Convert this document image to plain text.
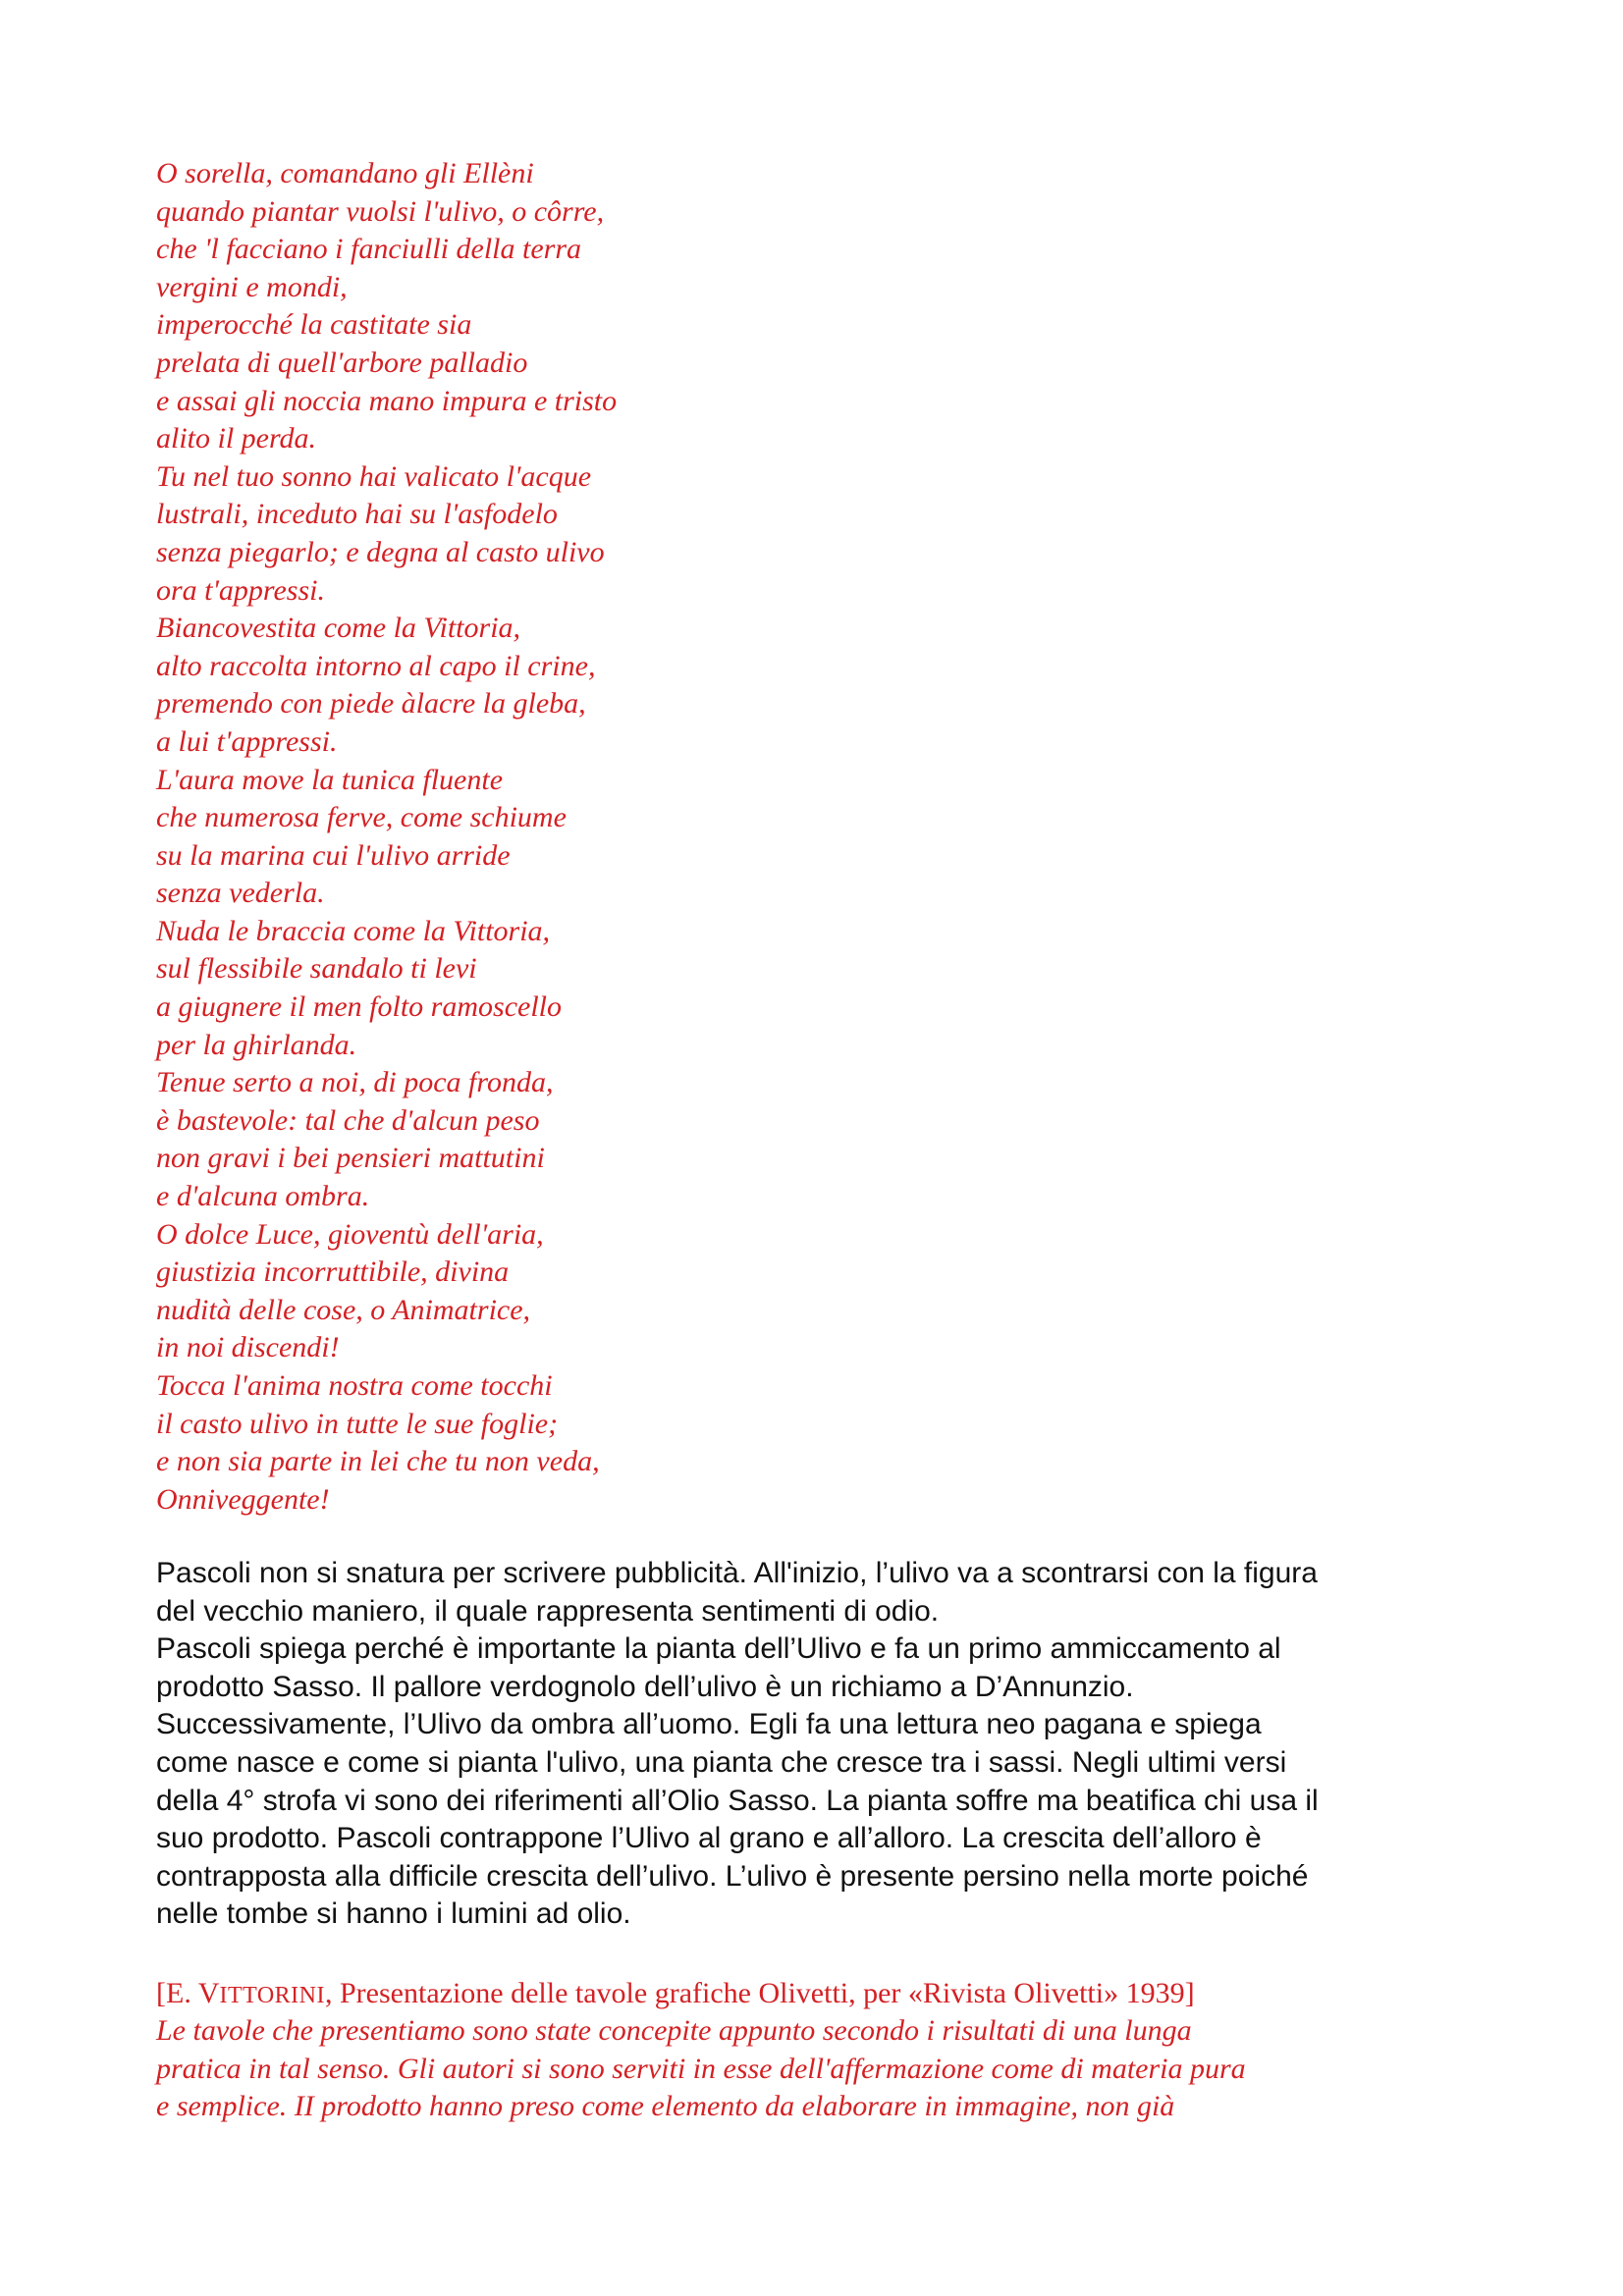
O sorella, comandano gli Ellèni
quando piantar vuolsi l'ulivo, o côrre,
che 'l facciano i fanciulli della terra
vergini e mondi,
imperocché la castitate sia
prelata di quell'arbore palladio
e assai gli noccia mano impura e tristo
alito il perda.
Tu nel tuo sonno hai valicato l'acque
lustrali, inceduto hai su l'asfodelo
senza piegarlo; e degna al casto ulivo
ora t'appressi.
Biancovestita come la Vittoria,
alto raccolta intorno al capo il crine,
premendo con piede àlacre la gleba,
a lui t'appressi.
L'aura move la tunica fluente
che numerosa ferve, come schiume
su la marina cui l'ulivo arride
senza vederla.
Nuda le braccia come la Vittoria,
sul flessibile sandalo ti levi
a giugnere il men folto ramoscello
per la ghirlanda.
Tenue serto a noi, di poca fronda,
è bastevole: tal che d'alcun peso
non gravi i bei pensieri mattutini
e d'alcuna ombra.
O dolce Luce, gioventù dell'aria,
giustizia incorruttibile, divina
nudità delle cose, o Animatrice,
in noi discendi!
Tocca l'anima nostra come tocchi
il casto ulivo in tutte le sue foglie;
e non sia parte in lei che tu non veda,
Onniveggente!
Pascoli non si snatura per scrivere pubblicità. All'inizio, l’ulivo va a scontrarsi con la figura
del vecchio maniero, il quale rappresenta sentimenti di odio.
Pascoli spiega perché è importante la pianta dell’Ulivo e fa un primo ammiccamento al
prodotto Sasso. Il pallore verdognolo dell’ulivo è un richiamo a D’Annunzio.
Successivamente, l’Ulivo da ombra all’uomo. Egli fa una lettura neo pagana e spiega
come nasce e come si pianta l'ulivo, una pianta che cresce tra i sassi. Negli ultimi versi
della 4° strofa vi sono dei riferimenti all’Olio Sasso. La pianta soffre ma beatifica chi usa il
suo prodotto. Pascoli contrappone l’Ulivo al grano e all’alloro. La crescita dell’alloro è
contrapposta alla difficile crescita dell’ulivo. L’ulivo è presente persino nella morte poiché
nelle tombe si hanno i lumini ad olio.

[E. VITTORINI, Presentazione delle tavole grafiche Olivetti, per «Rivista Olivetti» 1939]

Le tavole che presentiamo sono state concepite appunto secondo i risultati di una lunga
pratica in tal senso. Gli autori si sono serviti in esse dell'affermazione come di materia pura
e semplice. II prodotto hanno preso come elemento da elaborare in immagine, non già
